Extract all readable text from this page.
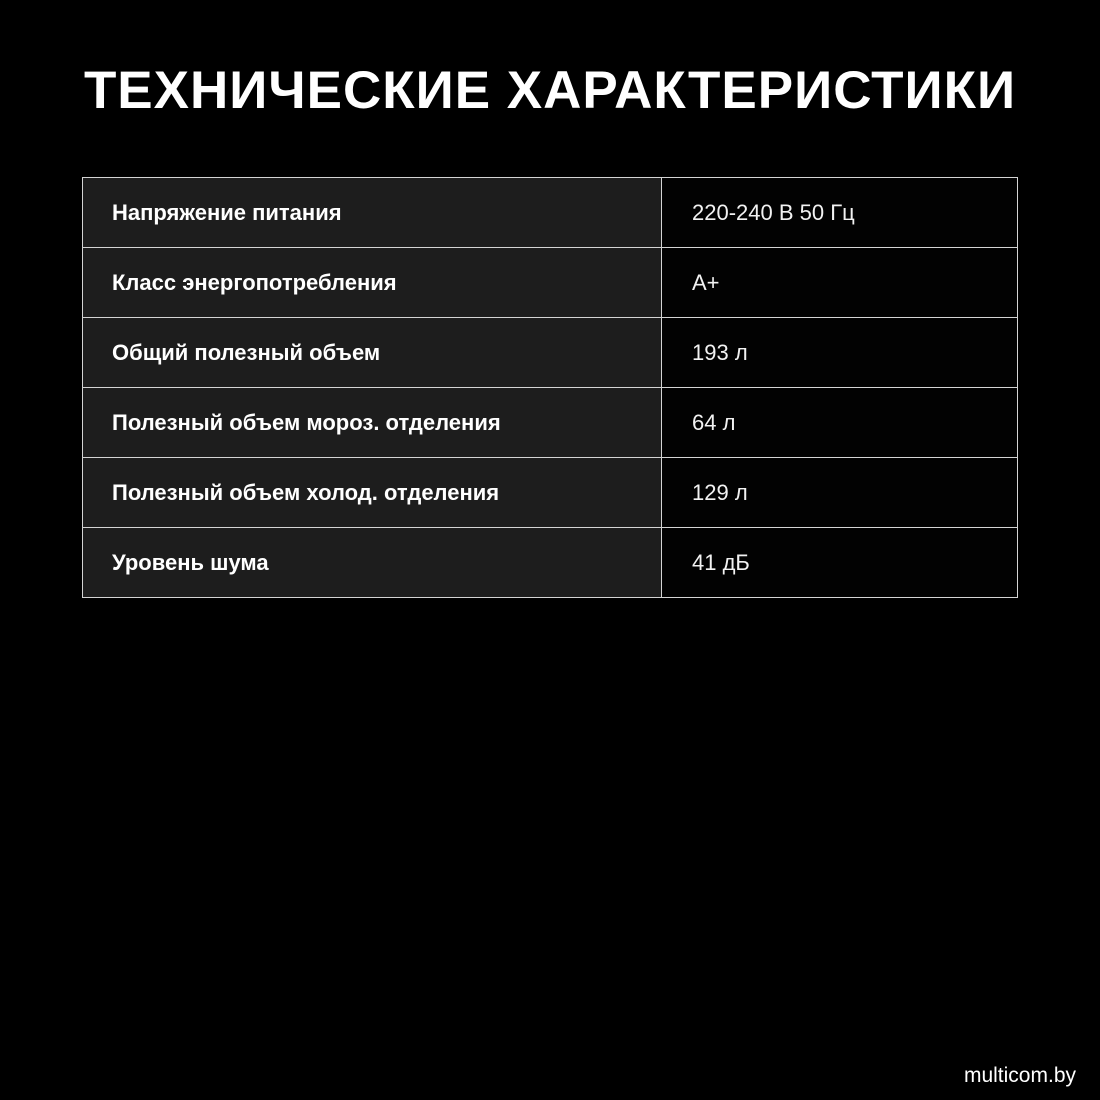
ТЕХНИЧЕСКИЕ ХАРАКТЕРИСТИКИ
Напряжение питания	220-240 В 50 Гц
Класс энергопотребления	А+
Общий полезный объем	193 л
Полезный объем мороз. отделения	64 л
Полезный объем холод. отделения	129 л
Уровень шума	41 дБ
multicom.by
